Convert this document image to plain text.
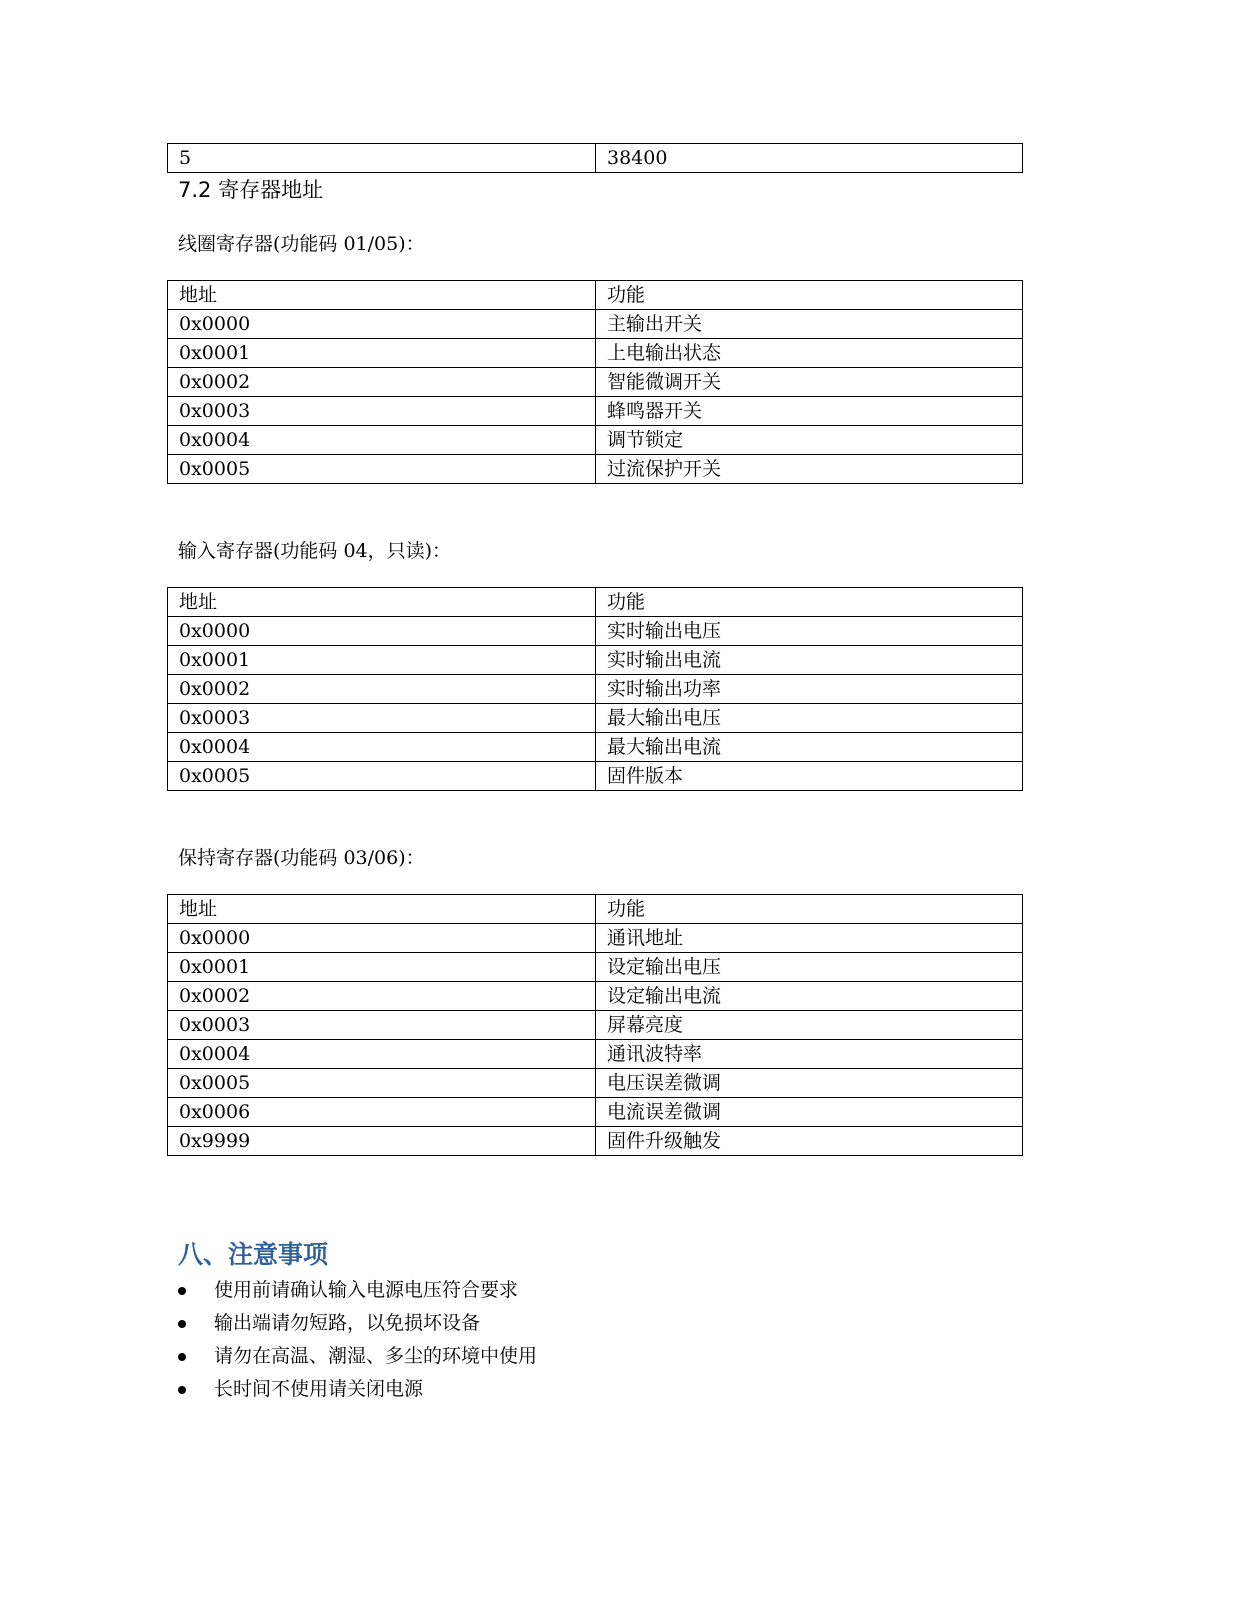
5	38400
7.2 寄存器地址
线圈寄存器(功能码 01/05)：
地址	功能
0x0000	主输出开关
0x0001	上电输出状态
0x0002	智能微调开关
0x0003	蜂鸣器开关
0x0004	调节锁定
0x0005	过流保护开关
输入寄存器(功能码 04，只读)：
地址	功能
0x0000	实时输出电压
0x0001	实时输出电流
0x0002	实时输出功率
0x0003	最大输出电压
0x0004	最大输出电流
0x0005	固件版本
保持寄存器(功能码 03/06)：
地址	功能
0x0000	通讯地址
0x0001	设定输出电压
0x0002	设定输出电流
0x0003	屏幕亮度
0x0004	通讯波特率
0x0005	电压误差微调
0x0006	电流误差微调
0x9999	固件升级触发
八、注意事项
使用前请确认输入电源电压符合要求
输出端请勿短路，以免损坏设备
请勿在高温、潮湿、多尘的环境中使用
长时间不使用请关闭电源
